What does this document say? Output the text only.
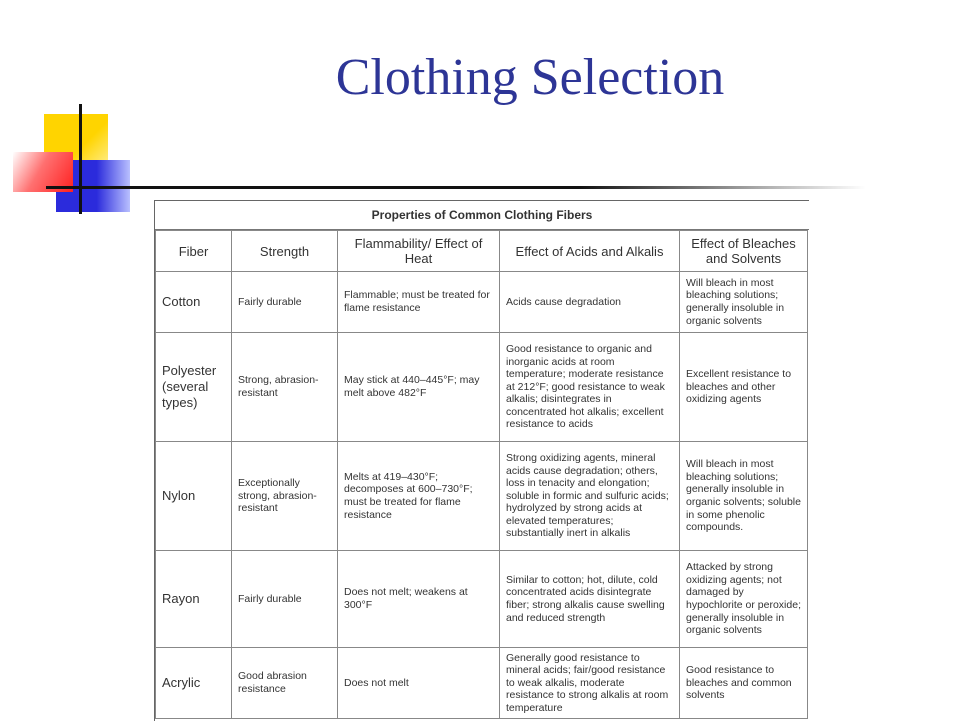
Clothing Selection
Properties of Common Clothing Fibers
Fiber	Strength	Flammability/ Effect of Heat	Effect of Acids and Alkalis	Effect of Bleaches and Solvents
Cotton	Fairly durable	Flammable; must be treated for flame resistance	Acids cause degradation	Will bleach in most bleaching solutions; generally insoluble in organic solvents
Polyester (several types)	Strong, abrasion-resistant	May stick at 440–445°F; may melt above 482°F	Good resistance to organic and inorganic acids at room temperature; moderate resistance at 212°F; good resistance to weak alkalis; disintegrates in concentrated hot alkalis; excellent resistance to acids	Excellent resistance to bleaches and other oxidizing agents
Nylon	Exceptionally strong, abrasion-resistant	Melts at 419–430°F; decomposes at 600–730°F; must be treated for flame resistance	Strong oxidizing agents, mineral acids cause degradation; others, loss in tenacity and elongation; soluble in formic and sulfuric acids; hydrolyzed by strong acids at elevated temperatures; substantially inert in alkalis	Will bleach in most bleaching solutions; generally insoluble in organic solvents; soluble in some phenolic compounds.
Rayon	Fairly durable	Does not melt; weakens at 300°F	Similar to cotton; hot, dilute, cold concentrated acids disintegrate fiber; strong alkalis cause swelling and reduced strength	Attacked by strong oxidizing agents; not damaged by hypochlorite or peroxide; generally insoluble in organic solvents
Acrylic	Good abrasion resistance	Does not melt	Generally good resistance to mineral acids; fair/good resistance to weak alkalis, moderate resistance to strong alkalis at room temperature	Good resistance to bleaches and common solvents
